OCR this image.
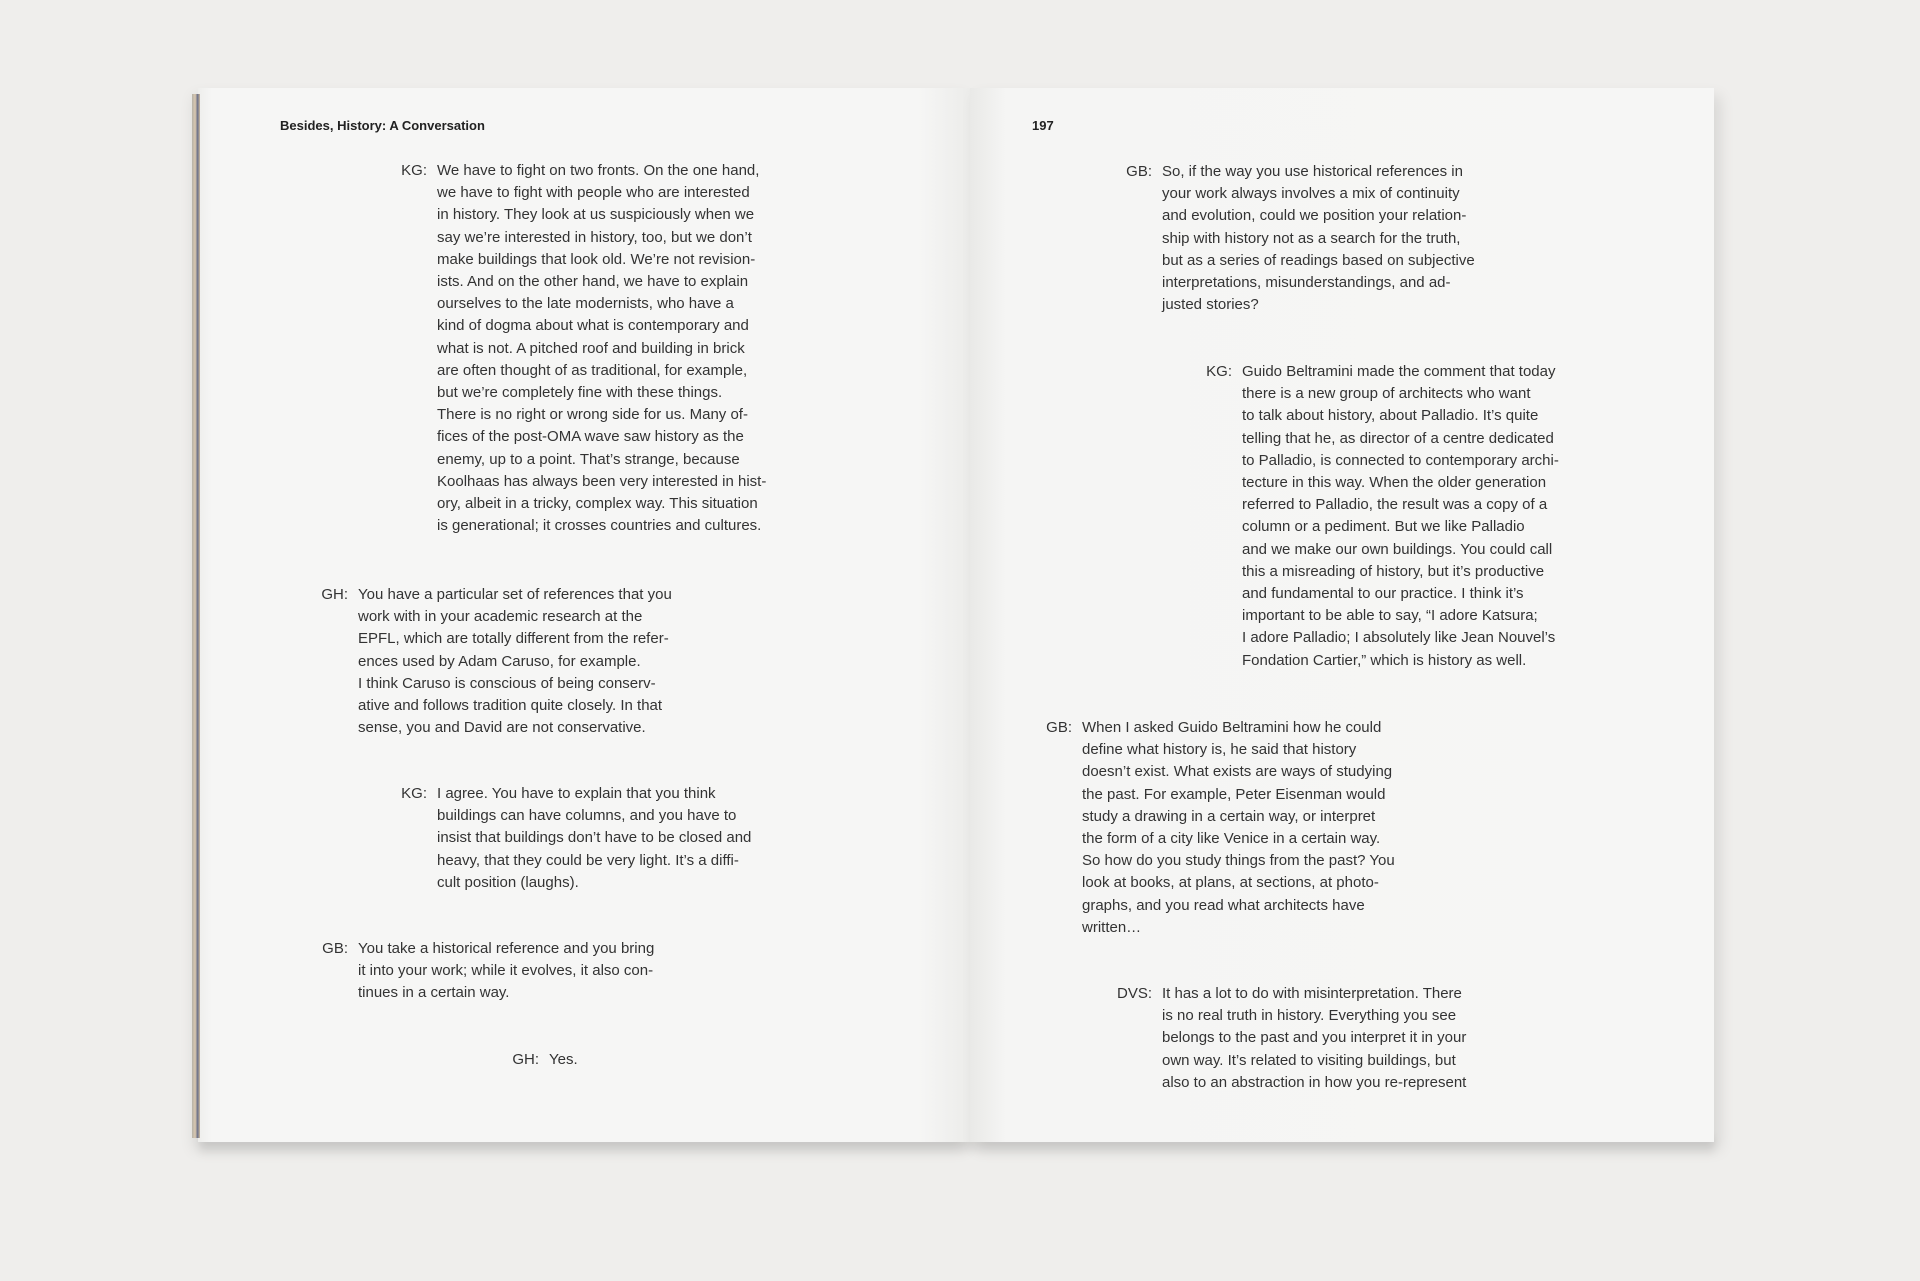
Besides, History: A Conversation
KG: We have to fight on two fronts. On the one hand,
we have to fight with people who are interested
in history. They look at us suspiciously when we
say we’re interested in history, too, but we don’t
make buildings that look old. We’re not revision-
ists. And on the other hand, we have to explain
ourselves to the late modernists, who have a
kind of dogma about what is contemporary and
what is not. A pitched roof and building in brick
are often thought of as traditional, for example,
but we’re completely fine with these things.
There is no right or wrong side for us. Many of-
fices of the post-OMA wave saw history as the
enemy, up to a point. That’s strange, because
Koolhaas has always been very interested in hist-
ory, albeit in a tricky, complex way. This situation
is generational; it crosses countries and cultures.
GH: You have a particular set of references that you
work with in your academic research at the
EPFL, which are totally different from the refer-
ences used by Adam Caruso, for example.
I think Caruso is conscious of being conserv-
ative and follows tradition quite closely. In that
sense, you and David are not conservative.
KG: I agree. You have to explain that you think
buildings can have columns, and you have to
insist that buildings don’t have to be closed and
heavy, that they could be very light. It’s a diffi-
cult position (laughs).
GB: You take a historical reference and you bring
it into your work; while it evolves, it also con-
tinues in a certain way.
GH: Yes.
197
GB: So, if the way you use historical references in
your work always involves a mix of continuity
and evolution, could we position your relation-
ship with history not as a search for the truth,
but as a series of readings based on subjective
interpretations, misunderstandings, and ad-
justed stories?
KG: Guido Beltramini made the comment that today
there is a new group of architects who want
to talk about history, about Palladio. It’s quite
telling that he, as director of a centre dedicated
to Palladio, is connected to contemporary archi-
tecture in this way. When the older generation
referred to Palladio, the result was a copy of a
column or a pediment. But we like Palladio
and we make our own buildings. You could call
this a misreading of history, but it’s productive
and fundamental to our practice. I think it’s
important to be able to say, “I adore Katsura;
I adore Palladio; I absolutely like Jean Nouvel’s
Fondation Cartier,” which is history as well.
GB: When I asked Guido Beltramini how he could
define what history is, he said that history
doesn’t exist. What exists are ways of studying
the past. For example, Peter Eisenman would
study a drawing in a certain way, or interpret
the form of a city like Venice in a certain way.
So how do you study things from the past? You
look at books, at plans, at sections, at photo-
graphs, and you read what architects have
written…
DVS: It has a lot to do with misinterpretation. There
is no real truth in history. Everything you see
belongs to the past and you interpret it in your
own way. It’s related to visiting buildings, but
also to an abstraction in how you re-represent
